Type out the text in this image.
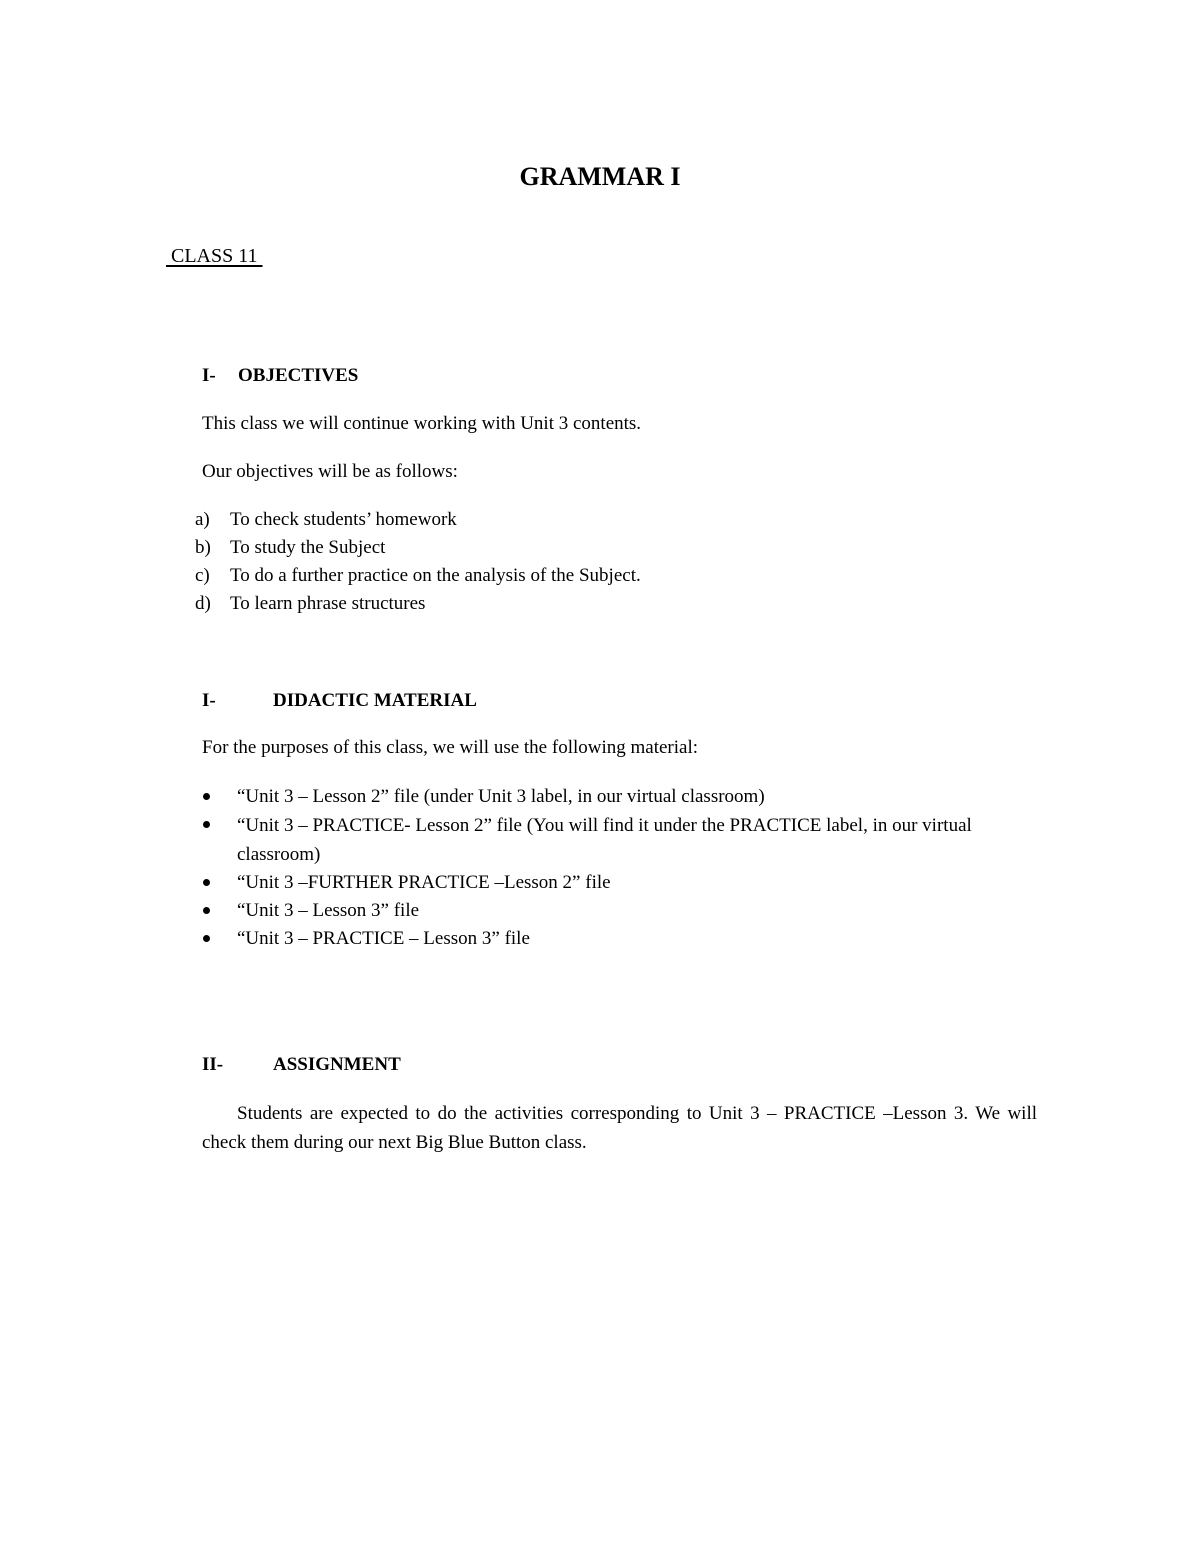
GRAMMAR I
CLASS 11
I- OBJECTIVES
This class we will continue working with Unit 3 contents.
Our objectives will be as follows:
a) To check students’ homework
b) To study the Subject
c) To do a further practice on the analysis of the Subject.
d) To learn phrase structures
I-	DIDACTIC MATERIAL
For the purposes of this class, we will use the following material:
“Unit 3 – Lesson 2” file (under Unit 3 label, in our virtual classroom)
“Unit 3 – PRACTICE- Lesson 2” file (You will find it under the PRACTICE label, in our virtual classroom)
“Unit 3 –FURTHER PRACTICE –Lesson 2” file
“Unit 3 – Lesson 3” file
“Unit 3 – PRACTICE – Lesson 3” file
II-	ASSIGNMENT
Students are expected to do the activities corresponding to Unit 3 – PRACTICE –Lesson 3. We will check them during our next Big Blue Button class.
